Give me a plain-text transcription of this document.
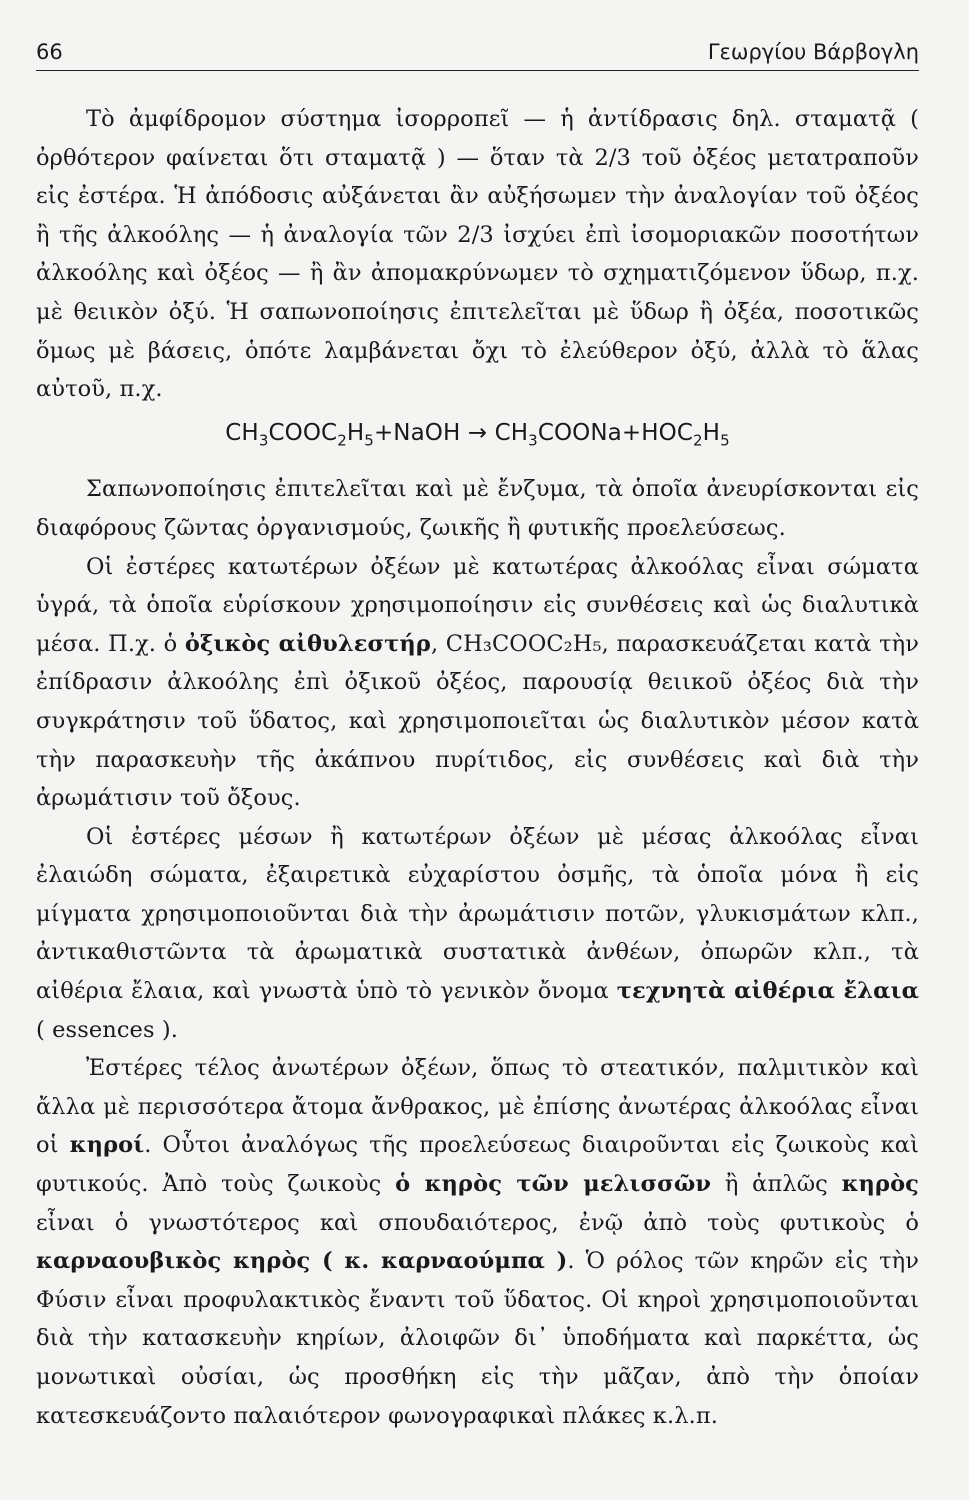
66	Γεωργίου Βάρβογλη

Τὸ ἀμφίδρομον σύστημα ἰσορροπεῖ — ἡ ἀντίδρασις δηλ. σταματᾷ ( ὀρθότερον φαίνεται ὅτι σταματᾷ ) — ὅταν τὰ 2/3 τοῦ ὀξέος μετατραποῦν εἰς ἐστέρα. Ἡ ἀπόδοσις αὐξάνεται ἂν αὐξήσωμεν τὴν ἀναλογίαν τοῦ ὀξέος ἢ τῆς ἀλκοόλης — ἡ ἀναλογία τῶν 2/3 ἰσχύει ἐπὶ ἰσομοριακῶν ποσοτήτων ἀλκοόλης καὶ ὀξέος — ἢ ἂν ἀπομακρύνωμεν τὸ σχηματιζόμενον ὕδωρ, π.χ. μὲ θειικὸν ὀξύ. Ἡ σαπωνοποίησις ἐπιτελεῖται μὲ ὕδωρ ἢ ὀξέα, ποσοτικῶς ὅμως μὲ βάσεις, ὁπότε λαμβάνεται ὄχι τὸ ἐλεύθερον ὀξύ, ἀλλὰ τὸ ἅλας αὐτοῦ, π.χ.

$CH_3COOC_2H_5+NaOH$ → $CH_3COONa+HOC_2H_5$

Σαπωνοποίησις ἐπιτελεῖται καὶ μὲ ἔνζυμα, τὰ ὁποῖα ἀνευρίσκονται εἰς διαφόρους ζῶντας ὀργανισμούς, ζωικῆς ἢ φυτικῆς προελεύσεως.

Οἱ ἐστέρες κατωτέρων ὀξέων μὲ κατωτέρας ἀλκοόλας εἶναι σώματα ὑγρά, τὰ ὁποῖα εὑρίσκουν χρησιμοποίησιν εἰς συνθέσεις καὶ ὡς διαλυτικὰ μέσα. Π.χ. ὁ ὀξικὸς αἰθυλεστήρ, CH₃COOC₂H₅, παρασκευάζεται κατὰ τὴν ἐπίδρασιν ἀλκοόλης ἐπὶ ὀξικοῦ ὀξέος, παρουσίᾳ θειικοῦ ὀξέος διὰ τὴν συγκράτησιν τοῦ ὕδατος, καὶ χρησιμοποιεῖται ὡς διαλυτικὸν μέσον κατὰ τὴν παρασκευὴν τῆς ἀκάπνου πυρίτιδος, εἰς συνθέσεις καὶ διὰ τὴν ἀρωμάτισιν τοῦ ὄξους.

Οἱ ἐστέρες μέσων ἢ κατωτέρων ὀξέων μὲ μέσας ἀλκοόλας εἶναι ἐλαιώδη σώματα, ἐξαιρετικὰ εὐχαρίστου ὀσμῆς, τὰ ὁποῖα μόνα ἢ εἰς μίγματα χρησιμοποιοῦνται διὰ τὴν ἀρωμάτισιν ποτῶν, γλυκισμάτων κλπ., ἀντικαθιστῶντα τὰ ἀρωματικὰ συστατικὰ ἀνθέων, ὀπωρῶν κλπ., τὰ αἰθέρια ἔλαια, καὶ γνωστὰ ὑπὸ τὸ γενικὸν ὄνομα τεχνητὰ αἰθέρια ἔλαια ( essences ).

Ἐστέρες τέλος ἀνωτέρων ὀξέων, ὅπως τὸ στεατικόν, παλμιτικὸν καὶ ἄλλα μὲ περισσότερα ἄτομα ἄνθρακος, μὲ ἐπίσης ἀνωτέρας ἀλκοόλας εἶναι οἱ κηροί. Οὗτοι ἀναλόγως τῆς προελεύσεως διαιροῦνται εἰς ζωικοὺς καὶ φυτικούς. Ἀπὸ τοὺς ζωικοὺς ὁ κηρὸς τῶν μελισσῶν ἢ ἁπλῶς κηρὸς εἶναι ὁ γνωστότερος καὶ σπουδαιότερος, ἐνῷ ἀπὸ τοὺς φυτικοὺς ὁ καρναουβικὸς κηρὸς ( κ. καρναούμπα ). Ὁ ρόλος τῶν κηρῶν εἰς τὴν Φύσιν εἶναι προφυλακτικὸς ἔναντι τοῦ ὕδατος. Οἱ κηροὶ χρησιμοποιοῦνται διὰ τὴν κατασκευὴν κηρίων, ἀλοιφῶν δι᾽ ὑποδήματα καὶ παρκέττα, ὡς μονωτικαὶ οὐσίαι, ὡς προσθήκη εἰς τὴν μᾶζαν, ἀπὸ τὴν ὁποίαν κατεσκευάζοντο παλαιότερον φωνογραφικαὶ πλάκες κ.λ.π.
